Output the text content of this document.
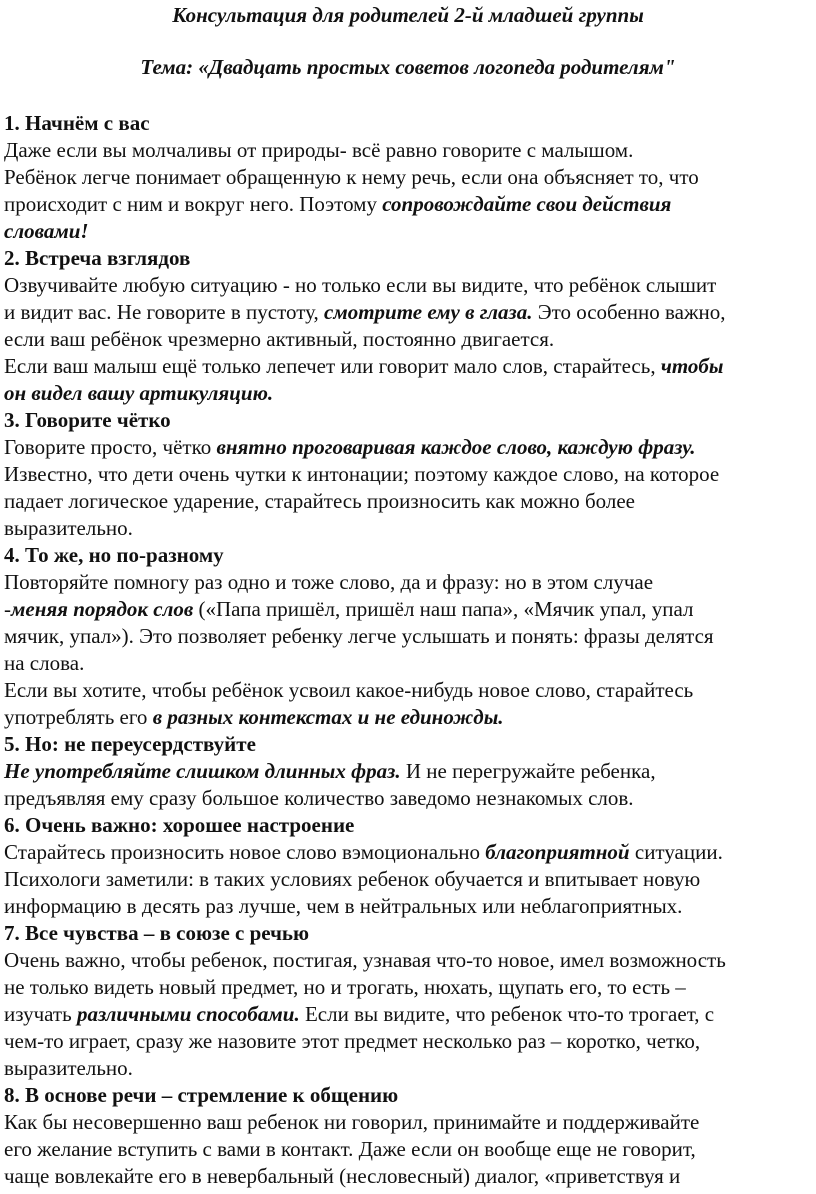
Консультация для родителей 2-й младшей группы
Тема: «Двадцать простых советов логопеда родителям"
1. Начнём с вас
Даже если вы молчаливы от природы- всё равно говорите с малышом.
Ребёнок легче понимает обращенную к нему речь, если она объясняет то, что
происходит с ним и вокруг него. Поэтому сопровождайте свои действия
словами!
2. Встреча взглядов
Озвучивайте любую ситуацию - но только если вы видите, что ребёнок слышит
и видит вас. Не говорите в пустоту, смотрите ему в глаза. Это особенно важно,
если ваш ребёнок чрезмерно активный, постоянно двигается.
Если ваш малыш ещё только лепечет или говорит мало слов, старайтесь, чтобы
он видел вашу артикуляцию.
3. Говорите чётко
Говорите просто, чётко внятно проговаривая каждое слово, каждую фразу.
Известно, что дети очень чутки к интонации; поэтому каждое слово, на которое
падает логическое ударение, старайтесь произносить как можно более
выразительно.
4. То же, но по-разному
Повторяйте помногу раз одно и тоже слово, да и фразу: но в этом случае
-меняя порядок слов («Папа пришёл, пришёл наш папа», «Мячик упал, упал
мячик, упал»). Это позволяет ребенку легче услышать и понять: фразы делятся
на слова.
Если вы хотите, чтобы ребёнок усвоил какое-нибудь новое слово, старайтесь
употреблять его в разных контекстах и не единожды.
5. Но: не переусердствуйте
Не употребляйте слишком длинных фраз. И не перегружайте ребенка,
предъявляя ему сразу большое количество заведомо незнакомых слов.
6. Очень важно: хорошее настроение
Старайтесь произносить новое слово вэмоционально благоприятной ситуации.
Психологи заметили: в таких условиях ребенок обучается и впитывает новую
информацию в десять раз лучше, чем в нейтральных или неблагоприятных.
7. Все чувства – в союзе с речью
Очень важно, чтобы ребенок, постигая, узнавая что-то новое, имел возможность
не только видеть новый предмет, но и трогать, нюхать, щупать его, то есть –
изучать различными способами. Если вы видите, что ребенок что-то трогает, с
чем-то играет, сразу же назовите этот предмет несколько раз – коротко, четко,
выразительно.
8. В основе речи – стремление к общению
Как бы несовершенно ваш ребенок ни говорил, принимайте и поддерживайте
его желание вступить с вами в контакт. Даже если он вообще еще не говорит,
чаще вовлекайте его в невербальный (несловесный) диалог, «приветствуя и
